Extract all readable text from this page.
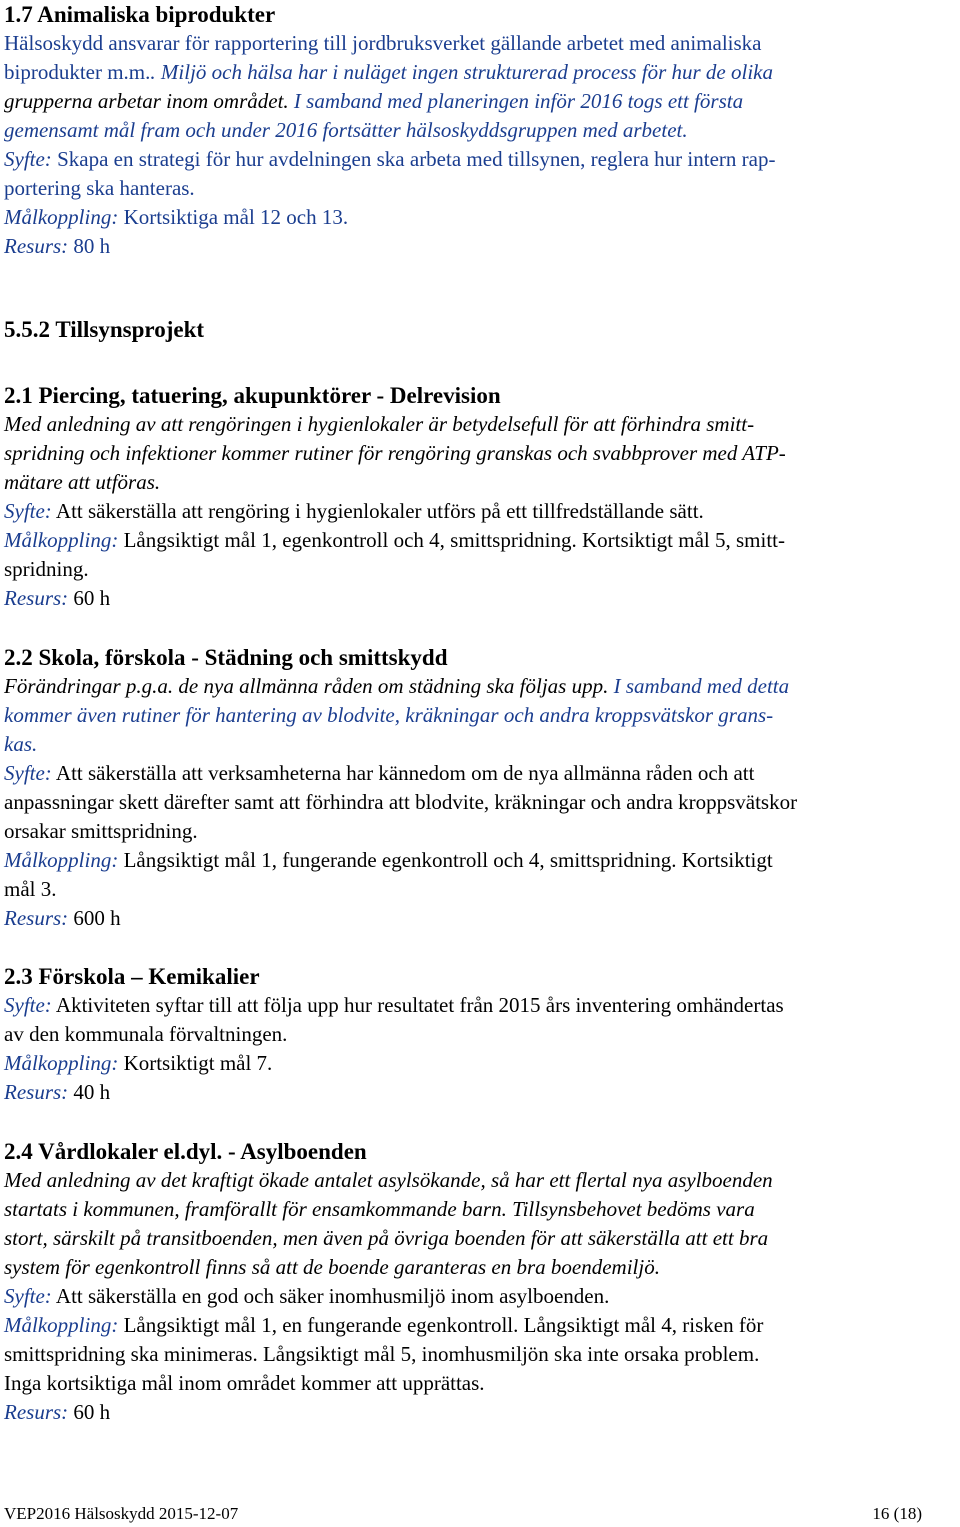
1.7 Animaliska biprodukter
Hälsoskydd ansvarar för rapportering till jordbruksverket gällande arbetet med animaliska
biprodukter m.m.. Miljö och hälsa har i nuläget ingen strukturerad process för hur de olika
grupperna arbetar inom området. I samband med planeringen inför 2016 togs ett första
gemensamt mål fram och under 2016 fortsätter hälsoskyddsgruppen med arbetet.
Syfte: Skapa en strategi för hur avdelningen ska arbeta med tillsynen, reglera hur intern rap-
portering ska hanteras.
Målkoppling: Kortsiktiga mål 12 och 13.
Resurs: 80 h
5.5.2 Tillsynsprojekt
2.1 Piercing, tatuering, akupunktörer - Delrevision
Med anledning av att rengöringen i hygienlokaler är betydelsefull för att förhindra smitt-
spridning och infektioner kommer rutiner för rengöring granskas och svabbprover med ATP-
mätare att utföras.
Syfte: Att säkerställa att rengöring i hygienlokaler utförs på ett tillfredställande sätt.
Målkoppling: Långsiktigt mål 1, egenkontroll och 4, smittspridning. Kortsiktigt mål 5, smitt-
spridning.
Resurs: 60 h
2.2 Skola, förskola - Städning och smittskydd
Förändringar p.g.a. de nya allmänna råden om städning ska följas upp. I samband med detta
kommer även rutiner för hantering av blodvite, kräkningar och andra kroppsvätskor grans-
kas.
Syfte: Att säkerställa att verksamheterna har kännedom om de nya allmänna råden och att
anpassningar skett därefter samt att förhindra att blodvite, kräkningar och andra kroppsvätskor
orsakar smittspridning.
Målkoppling: Långsiktigt mål 1, fungerande egenkontroll och 4, smittspridning. Kortsiktigt
mål 3.
Resurs: 600 h
2.3 Förskola – Kemikalier
Syfte: Aktiviteten syftar till att följa upp hur resultatet från 2015 års inventering omhändertas
av den kommunala förvaltningen.
Målkoppling: Kortsiktigt mål 7.
Resurs: 40 h
2.4 Vårdlokaler el.dyl. - Asylboenden
Med anledning av det kraftigt ökade antalet asylsökande, så har ett flertal nya asylboenden
startats i kommunen, framförallt för ensamkommande barn. Tillsynsbehovet bedöms vara
stort, särskilt på transitboenden, men även på övriga boenden för att säkerställa att ett bra
system för egenkontroll finns så att de boende garanteras en bra boendemiljö.
Syfte: Att säkerställa en god och säker inomhusmiljö inom asylboenden.
Målkoppling: Långsiktigt mål 1, en fungerande egenkontroll. Långsiktigt mål 4, risken för
smittspridning ska minimeras. Långsiktigt mål 5, inomhusmiljön ska inte orsaka problem.
Inga kortsiktiga mål inom området kommer att upprättas.
Resurs: 60 h
VEP2016 Hälsoskydd 2015-12-07	16 (18)
